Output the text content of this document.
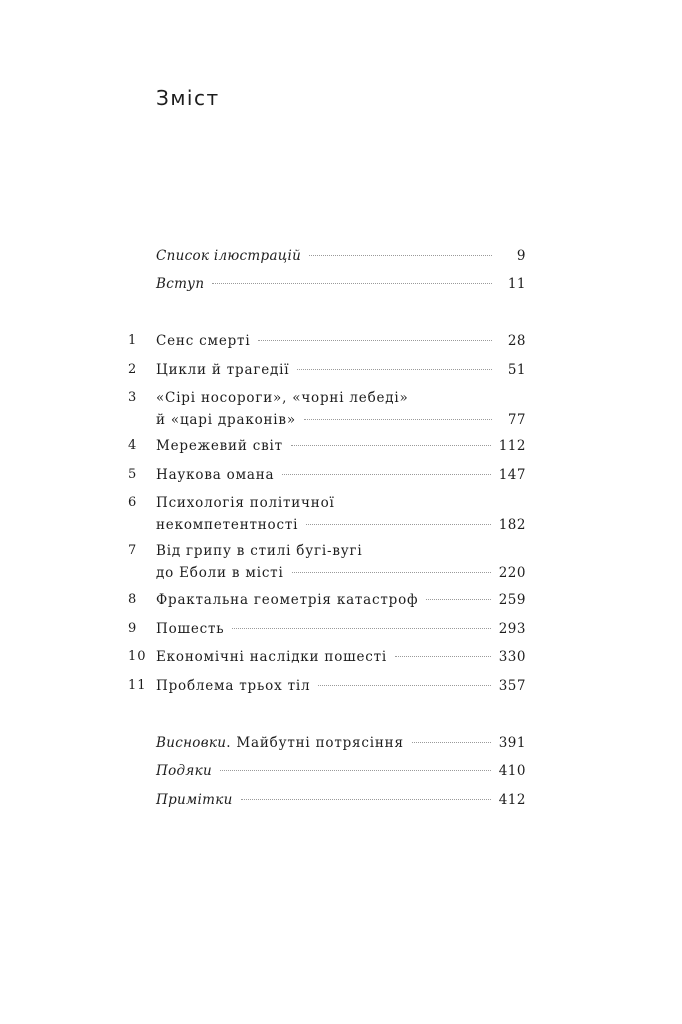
Зміст
Список ілюстрацій	9
Вступ	11
1	Сенс смерті	28
2	Цикли й трагедії	51
3	«Сірі носороги», «чорні лебеді»
й «царі драконів»	77
4	Мережевий світ	112
5	Наукова омана	147
6	Психологія політичної
некомпетентності	182
7	Від грипу в стилі бугі-вугі
до Еболи в місті	220
8	Фрактальна геометрія катастроф	259
9	Пошесть	293
10 Економічні наслідки пошесті	330
11 Проблема трьох тіл	357
Висновки. Майбутні потрясіння	391
Подяки	410
Примітки	412
